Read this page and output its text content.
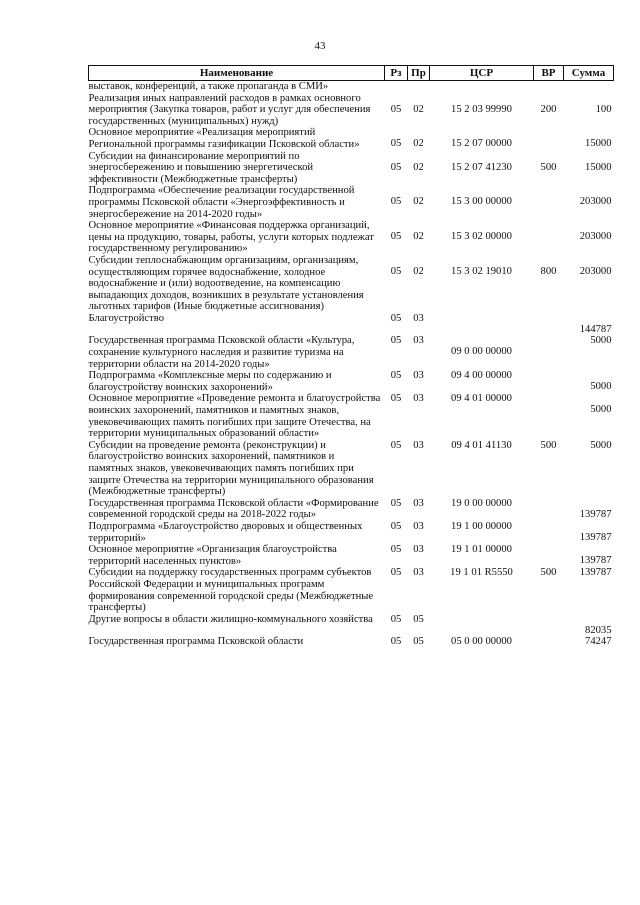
43
Наименование	Рз	Пр	ЦСР	ВР	Сумма
выставок, конференций, а также пропаганда в СМИ»					
Реализация иных направлений расходов в рамках основного мероприятия (Закупка товаров, работ и услуг для обеспечения государственных (муниципальных) нужд)	05	02	15 2 03 99990	200	100
Основное мероприятие «Реализация мероприятий Региональной программы газификации Псковской области»	05	02	15 2 07 00000		15000
Субсидии на финансирование мероприятий по энергосбережению и повышению энергетической эффективности (Межбюджетные трансферты)	05	02	15 2 07 41230	500	15000
Подпрограмма «Обеспечение реализации государственной программы Псковской области «Энергоэффективность и энергосбережение на 2014-2020 годы»	05	02	15 3 00 00000		203000
Основное мероприятие «Финансовая поддержка организаций, цены на продукцию, товары, работы, услуги которых подлежат государственному регулированию»	05	02	15 3 02 00000		203000
Субсидии теплоснабжающим организациям, организациям, осуществляющим горячее водоснабжение, холодное водоснабжение и (или) водоотведение, на компенсацию выпадающих доходов, возникших в результате установления льготных тарифов (Иные бюджетные ассигнования)	05	02	15 3 02 19010	800	203000
Благоустройство	05	03			144787
Государственная программа Псковской области «Культура, сохранение культурного наследия и развитие туризма на территории области на 2014-2020 годы»	05	03	09 0 00 00000		5000
Подпрограмма «Комплексные меры по содержанию и благоустройству воинских захоронений»	05	03	09 4 00 00000		5000
Основное мероприятие «Проведение ремонта и благоустройства воинских захоронений, памятников и памятных знаков, увековечивающих память погибших при защите Отечества, на территории муниципальных образований области»	05	03	09 4 01 00000		5000
Субсидии на проведение ремонта (реконструкции) и благоустройство воинских захоронений, памятников и памятных знаков, увековечивающих память погибших при защите Отечества на территории муниципального образования (Межбюджетные трансферты)	05	03	09 4 01 41130	500	5000
Государственная программа Псковской области «Формирование современной городской среды на 2018-2022 годы»	05	03	19 0 00 00000		139787
Подпрограмма «Благоустройство дворовых и общественных территорий»	05	03	19 1 00 00000		139787
Основное мероприятие «Организация благоустройства территорий населенных пунктов»	05	03	19 1 01 00000		139787
Субсидии на поддержку государственных программ субъектов Российской Федерации и муниципальных программ формирования современной городской среды (Межбюджетные трансферты)	05	03	19 1 01 R5550	500	139787
Другие вопросы в области жилищно-коммунального хозяйства	05	05			82035
Государственная программа Псковской области	05	05	05 0 00 00000		74247
